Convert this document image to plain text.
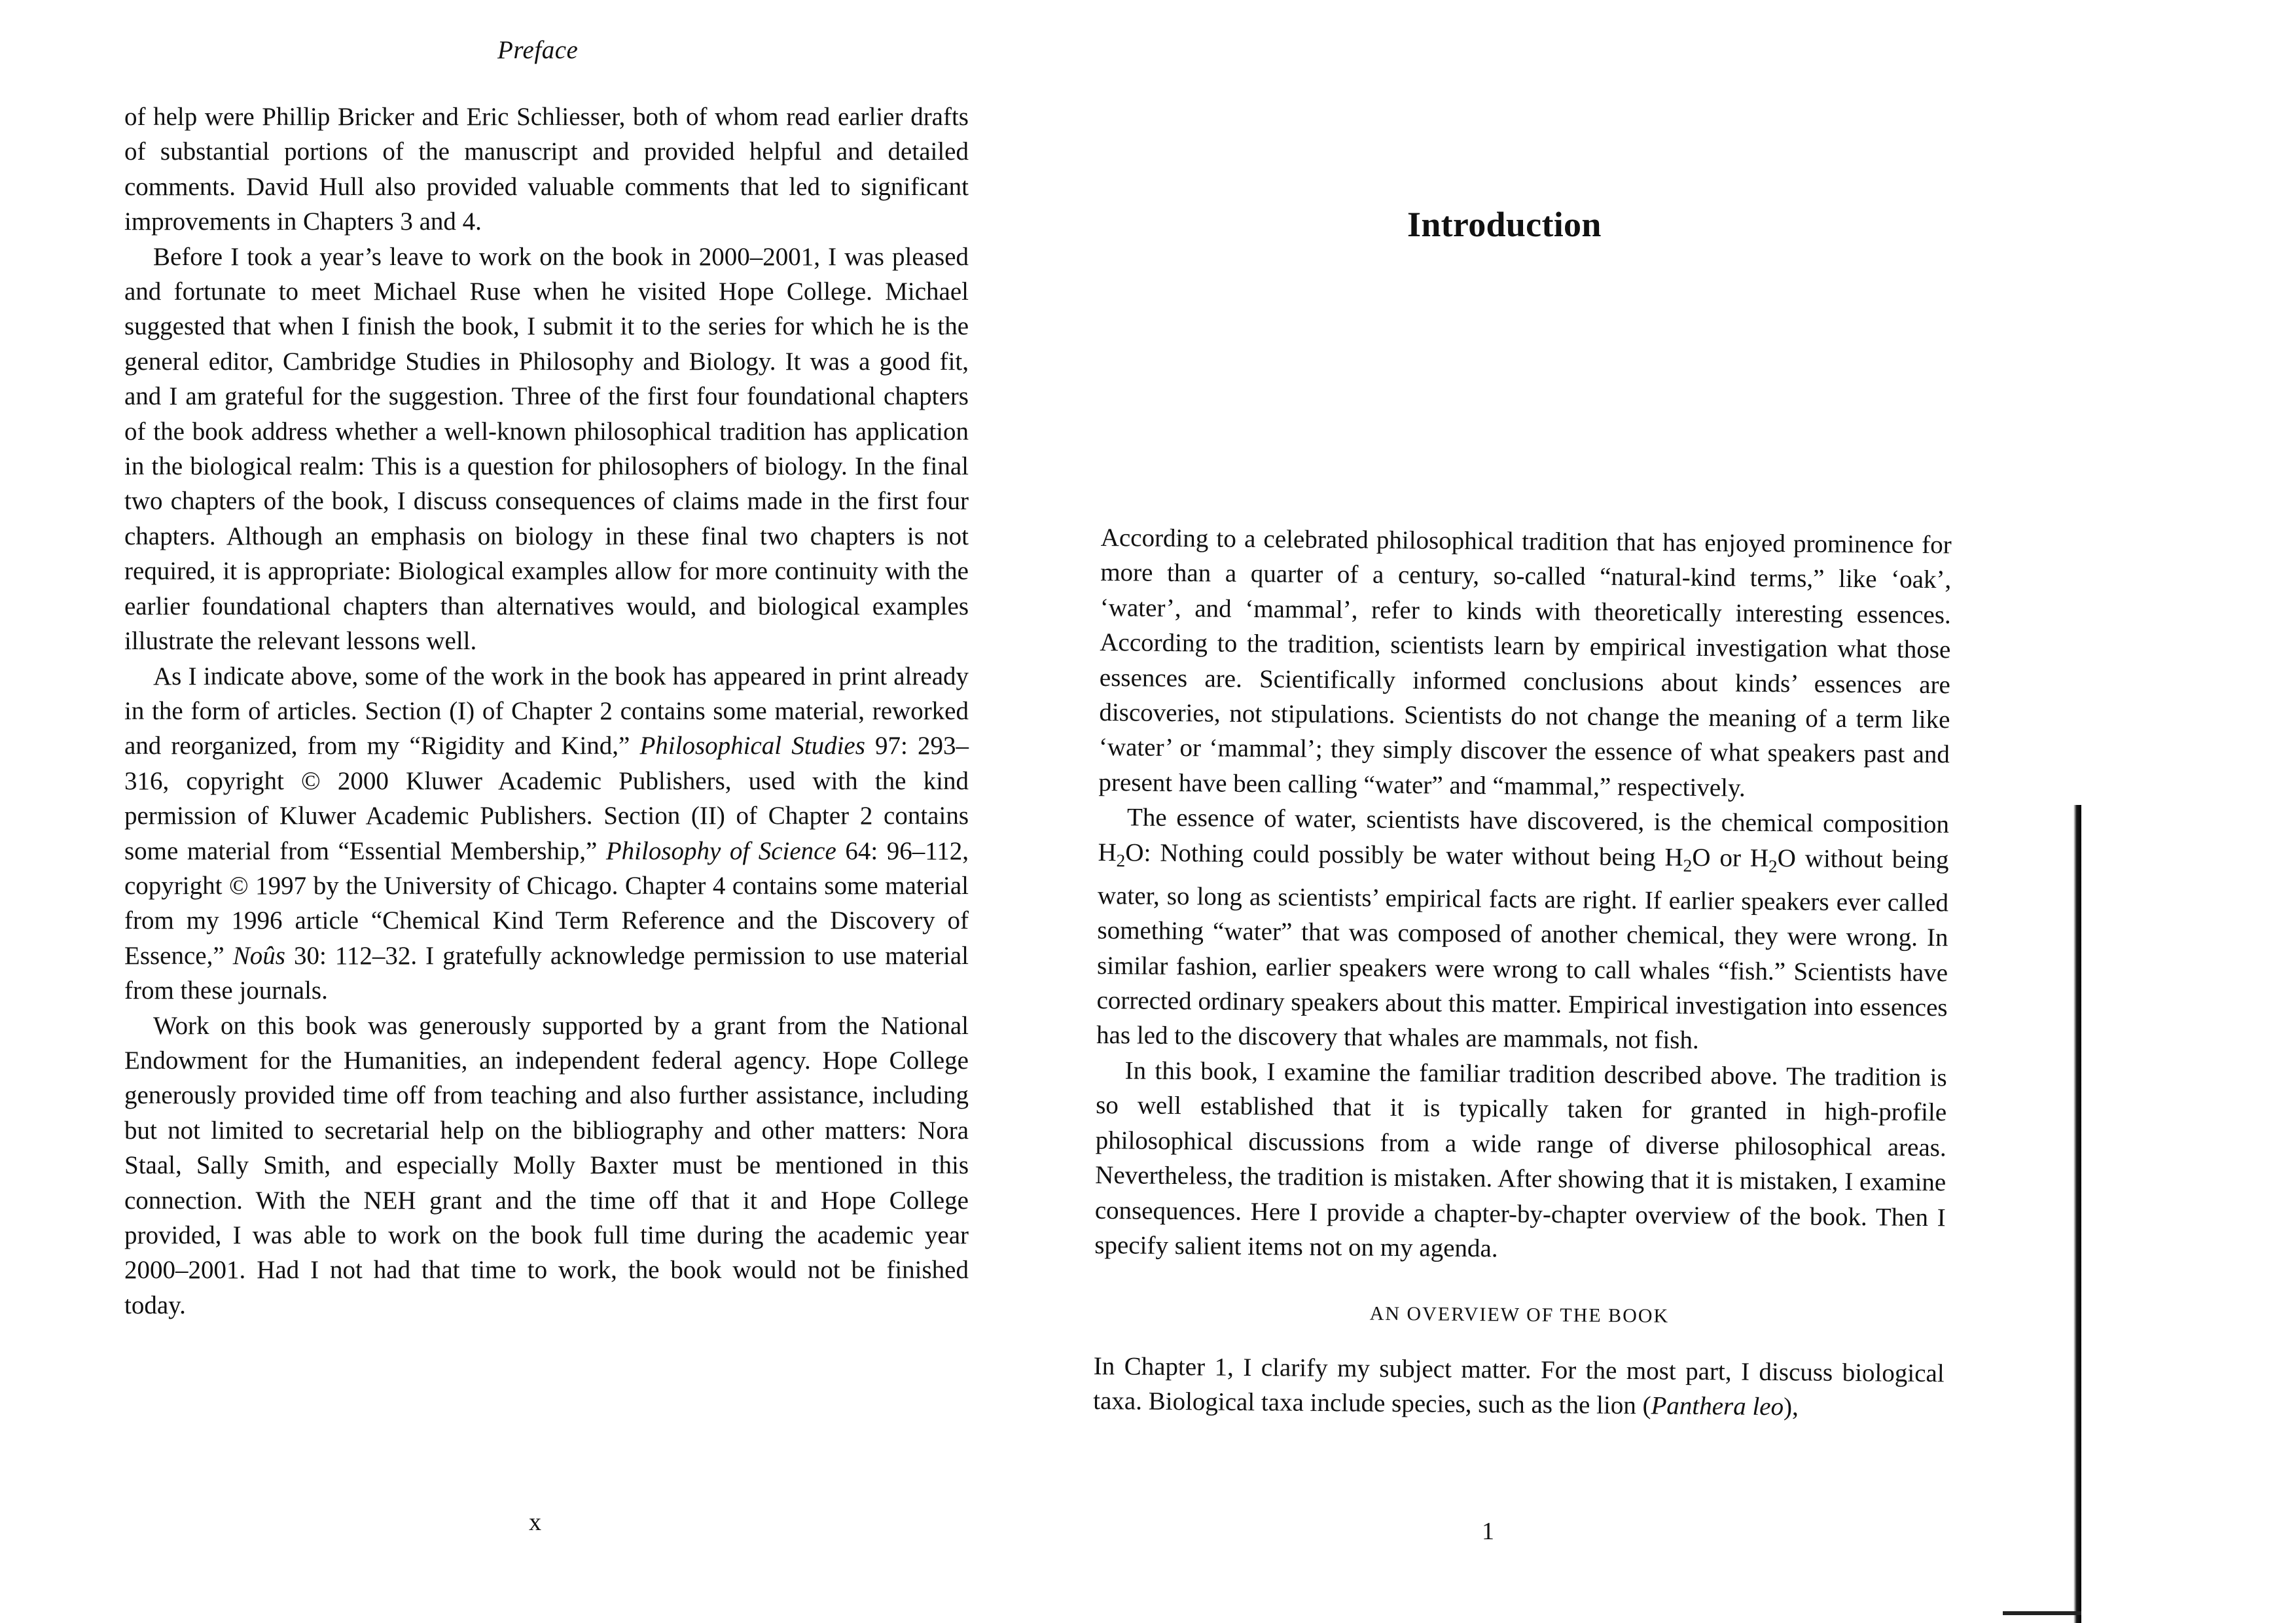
Preface

of help were Phillip Bricker and Eric Schliesser, both of whom read earlier drafts of substantial portions of the manuscript and provided helpful and detailed comments. David Hull also provided valuable comments that led to significant improvements in Chapters 3 and 4.

Before I took a year’s leave to work on the book in 2000–2001, I was pleased and fortunate to meet Michael Ruse when he visited Hope College. Michael suggested that when I finish the book, I submit it to the series for which he is the general editor, Cambridge Studies in Philosophy and Biology. It was a good fit, and I am grateful for the suggestion. Three of the first four foundational chapters of the book address whether a well-known philosophical tradition has application in the biological realm: This is a question for philosophers of biology. In the final two chapters of the book, I discuss consequences of claims made in the first four chapters. Although an emphasis on biology in these final two chapters is not required, it is appropriate: Biological examples allow for more continuity with the earlier foundational chapters than alternatives would, and biological examples illustrate the relevant lessons well.

As I indicate above, some of the work in the book has appeared in print already in the form of articles. Section (I) of Chapter 2 contains some material, reworked and reorganized, from my “Rigidity and Kind,” Philosophical Studies 97: 293–316, copyright © 2000 Kluwer Academic Publishers, used with the kind permission of Kluwer Academic Publishers. Section (II) of Chapter 2 contains some material from “Essential Membership,” Philosophy of Science 64: 96–112, copyright © 1997 by the University of Chicago. Chapter 4 contains some material from my 1996 article “Chemical Kind Term Reference and the Discovery of Essence,” Noûs 30: 112–32. I gratefully acknowledge permission to use material from these journals.

Work on this book was generously supported by a grant from the National Endowment for the Humanities, an independent federal agency. Hope College generously provided time off from teaching and also further assistance, including but not limited to secretarial help on the bibliography and other matters: Nora Staal, Sally Smith, and especially Molly Baxter must be mentioned in this connection. With the NEH grant and the time off that it and Hope College provided, I was able to work on the book full time during the academic year 2000–2001. Had I not had that time to work, the book would not be finished today.

x
Introduction

According to a celebrated philosophical tradition that has enjoyed prominence for more than a quarter of a century, so-called “natural-kind terms,” like ‘oak’, ‘water’, and ‘mammal’, refer to kinds with theoretically interesting essences. According to the tradition, scientists learn by empirical investigation what those essences are. Scientifically informed conclusions about kinds’ essences are discoveries, not stipulations. Scientists do not change the meaning of a term like ‘water’ or ‘mammal’; they simply discover the essence of what speakers past and present have been calling “water” and “mammal,” respectively.

The essence of water, scientists have discovered, is the chemical composition $H_2O$: Nothing could possibly be water without being $H_2O$ or $H_2O$ without being water, so long as scientists’ empirical facts are right. If earlier speakers ever called something “water” that was composed of another chemical, they were wrong. In similar fashion, earlier speakers were wrong to call whales “fish.” Scientists have corrected ordinary speakers about this matter. Empirical investigation into essences has led to the discovery that whales are mammals, not fish.

In this book, I examine the familiar tradition described above. The tradition is so well established that it is typically taken for granted in high-profile philosophical discussions from a wide range of diverse philosophical areas. Nevertheless, the tradition is mistaken. After showing that it is mistaken, I examine consequences. Here I provide a chapter-by-chapter overview of the book. Then I specify salient items not on my agenda.

AN OVERVIEW OF THE BOOK

In Chapter 1, I clarify my subject matter. For the most part, I discuss biological taxa. Biological taxa include species, such as the lion (Panthera leo),

1
